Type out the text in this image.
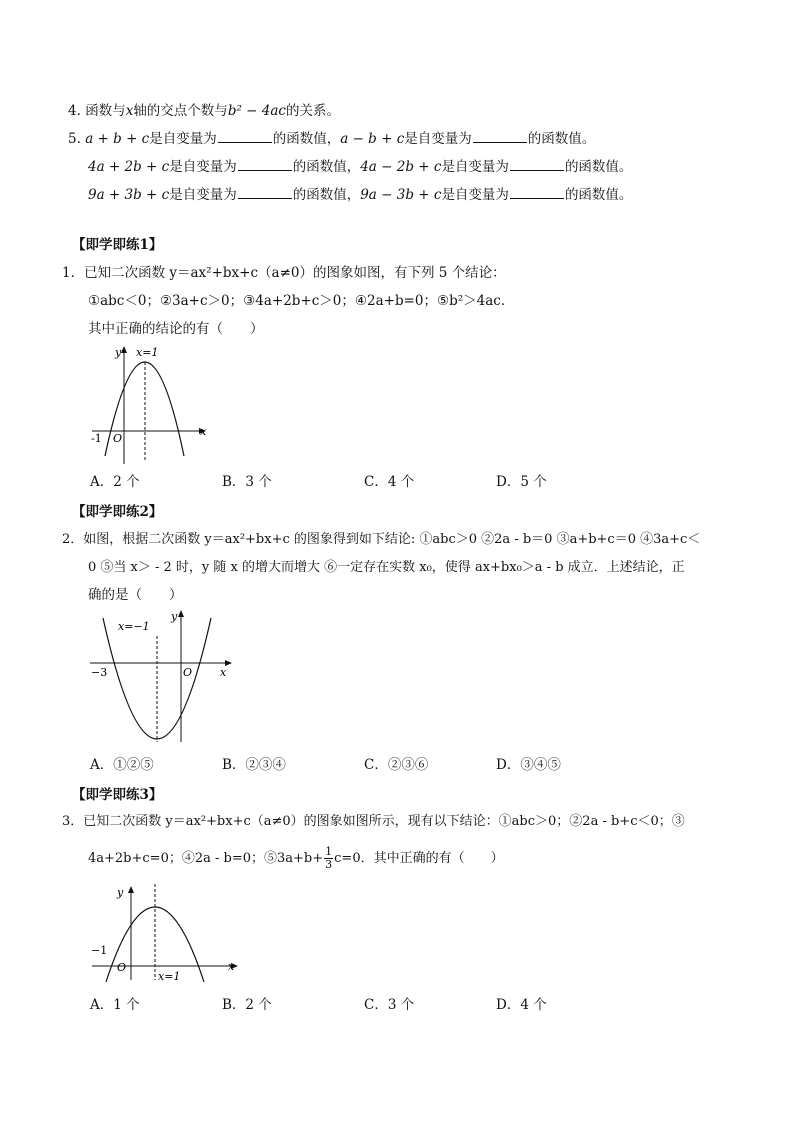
4. 函数与x轴的交点个数与b² − 4ac的关系。
5. a + b + c是自变量为	的函数值，a − b + c是自变量为	的函数值。
4a + 2b + c是自变量为	的函数值，4a − 2b + c是自变量为	的函数值。
9a + 3b + c是自变量为	的函数值，9a − 3b + c是自变量为	的函数值。
【即学即练1】
1．已知二次函数 y＝ax²+bx+c（a≠0）的图象如图，有下列 5 个结论：
①abc＜0；②3a+c＞0；③4a+2b+c＞0；④2a+b=0；⑤b²＞4ac．
其中正确的结论的有（　　）
y
x
x=1
O
-1
A．2 个	B．3 个	C．4 个	D．5 个
【即学即练2】
2．如图，根据二次函数 y＝ax²+bx+c 的图象得到如下结论: ①abc＞0 ②2a - b＝0 ③a+b+c＝0 ④3a+c＜
0 ⑤当 x＞ - 2 时，y 随 x 的增大而增大 ⑥一定存在实数 x₀，使得 ax+bx₀＞a - b 成立．上述结论，正
确的是（　　）
y
x
x=−1
O
−3
A．①②⑤	B．②③④	C．②③⑥	D．③④⑤
【即学即练3】
3．已知二次函数 y＝ax²+bx+c（a≠0）的图象如图所示，现有以下结论：①abc＞0；②2a - b+c＜0；③
4a+2b+c=0；④2a - b=0；⑤3a+b+ $\frac{1}{3} c=0$．其中正确的有（　　）
y
x
x=1
O
−1
A．1 个	B．2 个	C．3 个	D．4 个
